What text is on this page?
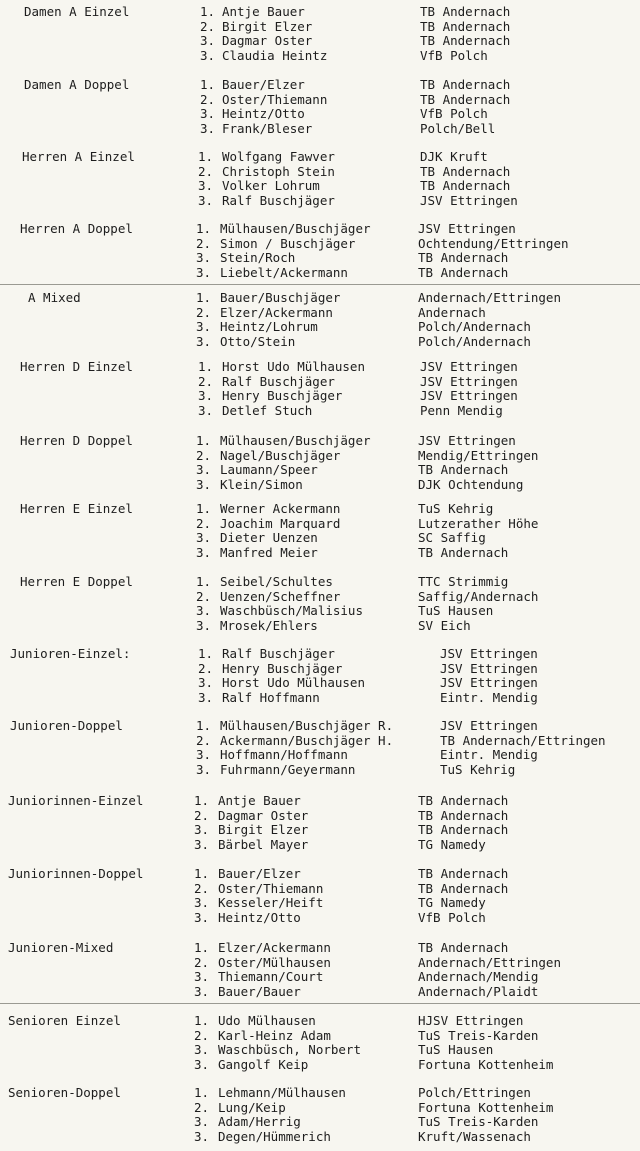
Damen A Einzel	1. Antje Bauer	TB Andernach
2. Birgit Elzer	TB Andernach
3. Dagmar Oster	TB Andernach
3. Claudia Heintz	VfB Polch
Damen A Doppel	1. Bauer/Elzer	TB Andernach
2. Oster/Thiemann	TB Andernach
3. Heintz/Otto	VfB Polch
3. Frank/Bleser	Polch/Bell
Herren A Einzel	1. Wolfgang Fawver	DJK Kruft
2. Christoph Stein	TB Andernach
3. Volker Lohrum	TB Andernach
3. Ralf Buschjäger	JSV Ettringen
Herren A Doppel	1. Mülhausen/Buschjäger	JSV Ettringen
2. Simon / Buschjäger	Ochtendung/Ettringen
3. Stein/Roch	TB Andernach
3. Liebelt/Ackermann	TB Andernach
A Mixed	1. Bauer/Buschjäger	Andernach/Ettringen
2. Elzer/Ackermann	Andernach
3. Heintz/Lohrum	Polch/Andernach
3. Otto/Stein	Polch/Andernach
Herren D Einzel	1. Horst Udo Mülhausen	JSV Ettringen
2. Ralf Buschjäger	JSV Ettringen
3. Henry Buschjäger	JSV Ettringen
3. Detlef Stuch	Penn Mendig
Herren D Doppel	1. Mülhausen/Buschjäger	JSV Ettringen
2. Nagel/Buschjäger	Mendig/Ettringen
3. Laumann/Speer	TB Andernach
3. Klein/Simon	DJK Ochtendung
Herren E Einzel	1. Werner Ackermann	TuS Kehrig
2. Joachim Marquard	Lutzerather Höhe
3. Dieter Uenzen	SC Saffig
3. Manfred Meier	TB Andernach
Herren E Doppel	1. Seibel/Schultes	TTC Strimmig
2. Uenzen/Scheffner	Saffig/Andernach
3. Waschbüsch/Malisius	TuS Hausen
3. Mrosek/Ehlers	SV Eich
Junioren-Einzel:	1. Ralf Buschjäger	JSV Ettringen
2. Henry Buschjäger	JSV Ettringen
3. Horst Udo Mülhausen	JSV Ettringen
3. Ralf Hoffmann	Eintr. Mendig
Junioren-Doppel	1. Mülhausen/Buschjäger R.	JSV Ettringen
2. Ackermann/Buschjäger H.	TB Andernach/Ettringen
3. Hoffmann/Hoffmann	Eintr. Mendig
3. Fuhrmann/Geyermann	TuS Kehrig
Juniorinnen-Einzel	1. Antje Bauer	TB Andernach
2. Dagmar Oster	TB Andernach
3. Birgit Elzer	TB Andernach
3. Bärbel Mayer	TG Namedy
Juniorinnen-Doppel	1. Bauer/Elzer	TB Andernach
2. Oster/Thiemann	TB Andernach
3. Kesseler/Heift	TG Namedy
3. Heintz/Otto	VfB Polch
Junioren-Mixed	1. Elzer/Ackermann	TB Andernach
2. Oster/Mülhausen	Andernach/Ettringen
3. Thiemann/Court	Andernach/Mendig
3. Bauer/Bauer	Andernach/Plaidt
Senioren Einzel	1. Udo Mülhausen	HJSV Ettringen
2. Karl-Heinz Adam	TuS Treis-Karden
3. Waschbüsch, Norbert	TuS Hausen
3. Gangolf Keip	Fortuna Kottenheim
Senioren-Doppel	1. Lehmann/Mülhausen	Polch/Ettringen
2. Lung/Keip	Fortuna Kottenheim
3. Adam/Herrig	TuS Treis-Karden
3. Degen/Hümmerich	Kruft/Wassenach
